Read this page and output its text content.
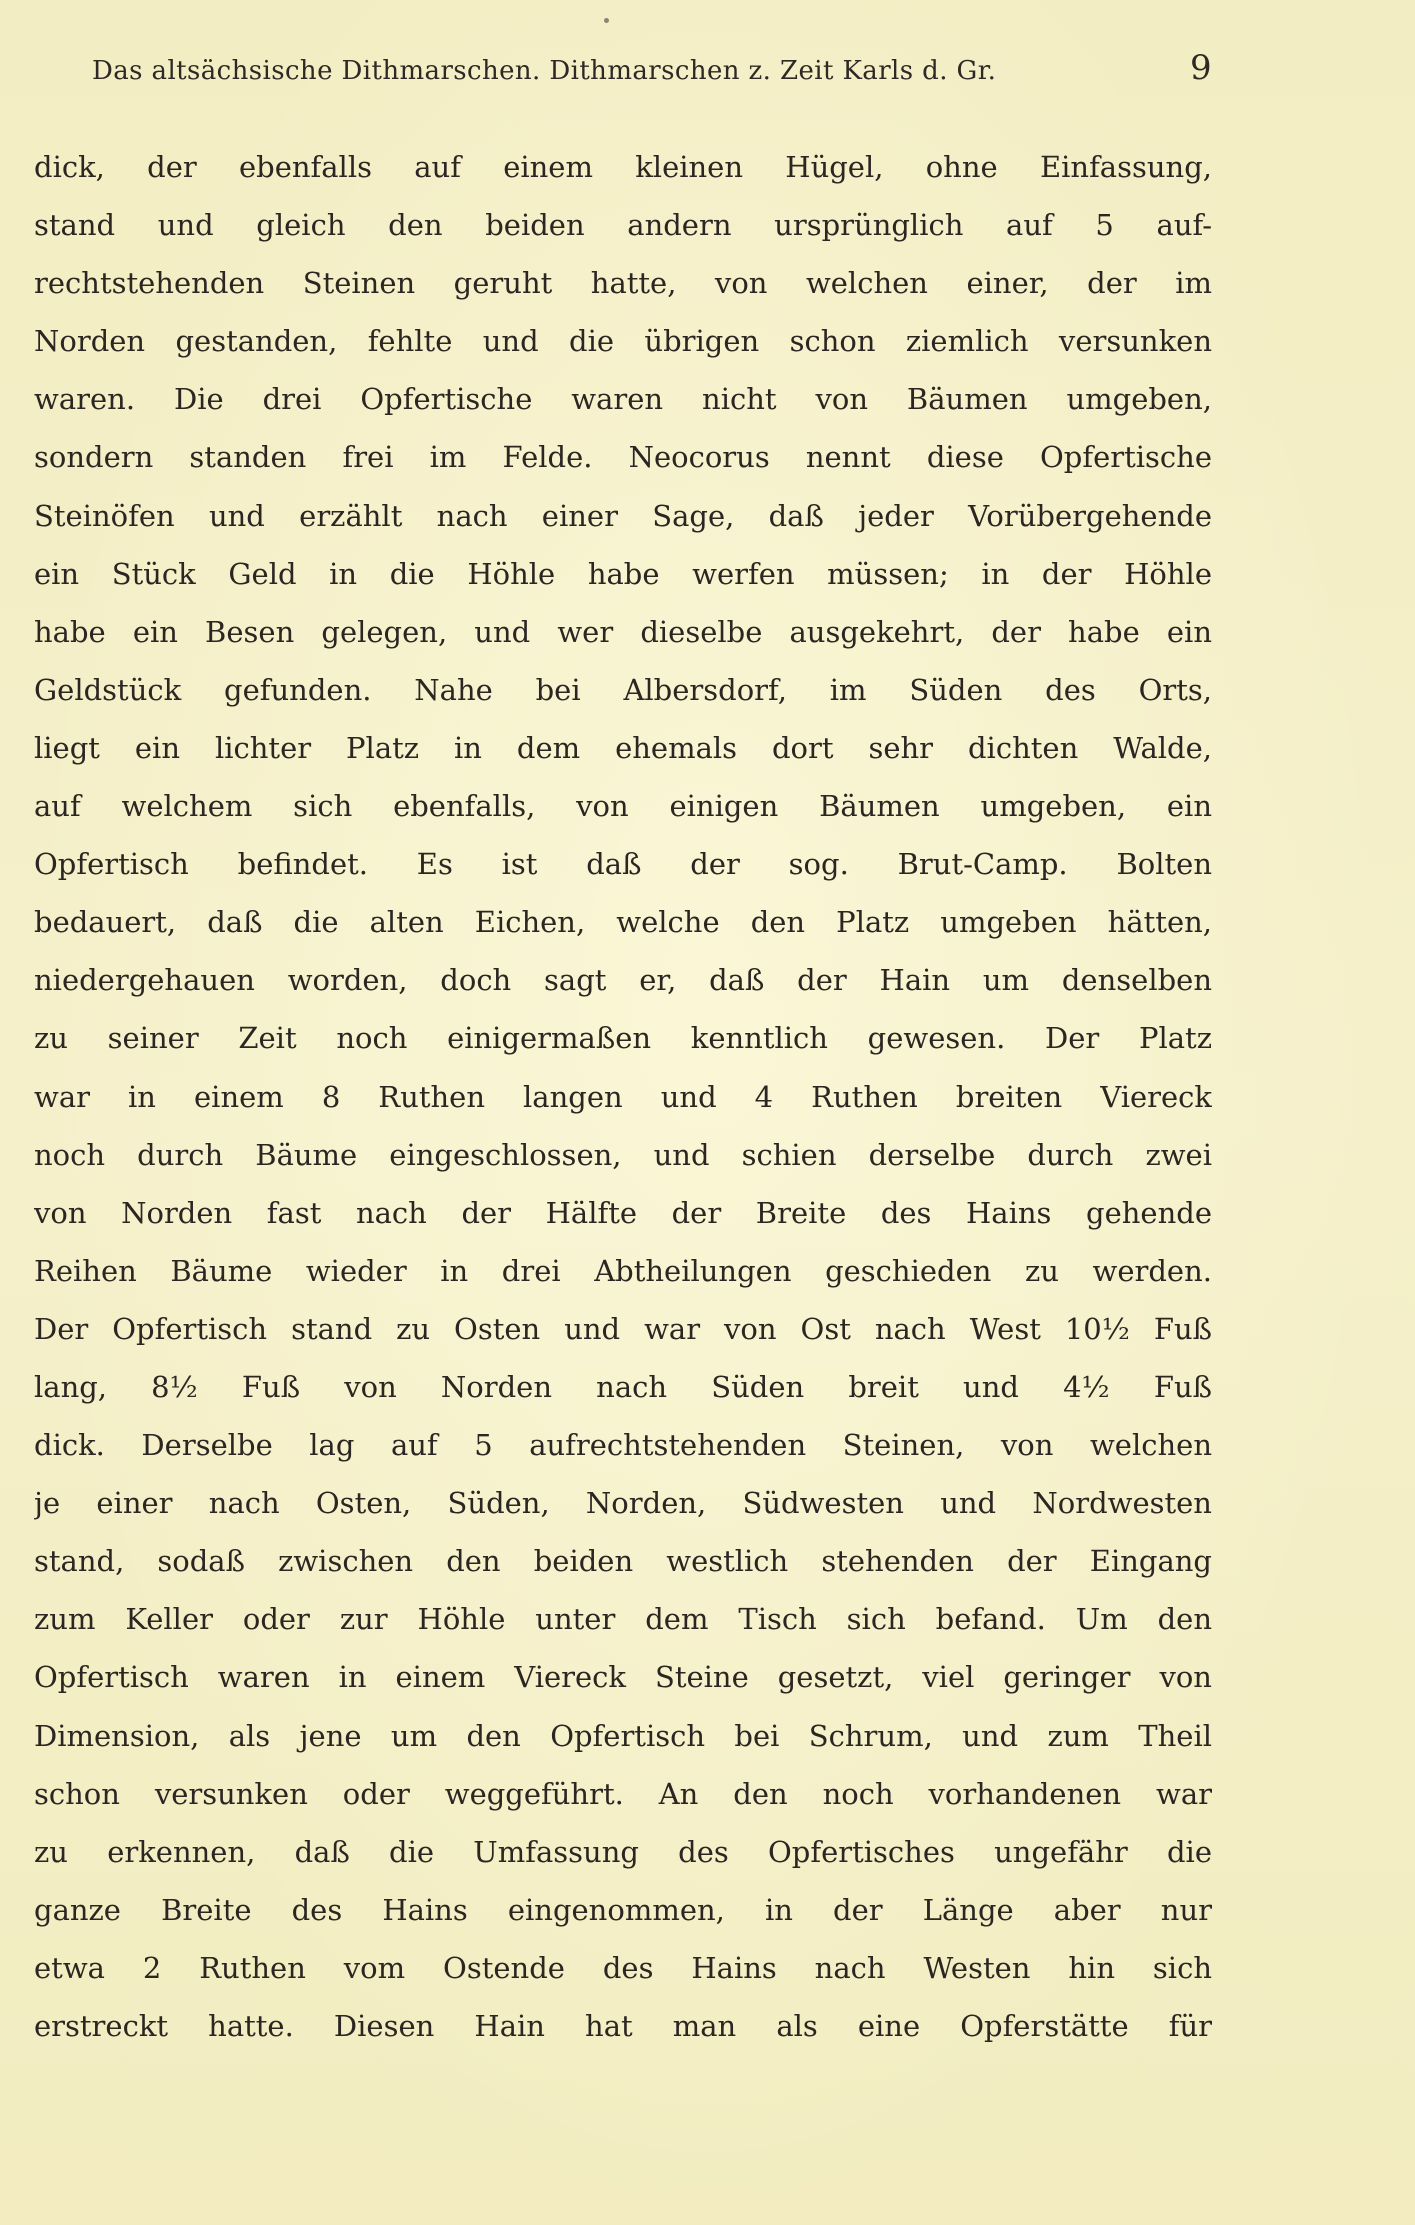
Das altsächsische Dithmarschen. Dithmarschen z. Zeit Karls d. Gr.	9
dick, der ebenfalls auf einem kleinen Hügel, ohne Einfassung,
stand und gleich den beiden andern ursprünglich auf 5 auf-
rechtstehenden Steinen geruht hatte, von welchen einer, der im
Norden gestanden, fehlte und die übrigen schon ziemlich versunken
waren. Die drei Opfertische waren nicht von Bäumen umgeben,
sondern standen frei im Felde. Neocorus nennt diese Opfertische
Steinöfen und erzählt nach einer Sage, daß jeder Vorübergehende
ein Stück Geld in die Höhle habe werfen müssen; in der Höhle
habe ein Besen gelegen, und wer dieselbe ausgekehrt, der habe ein
Geldstück gefunden. Nahe bei Albersdorf, im Süden des Orts,
liegt ein lichter Platz in dem ehemals dort sehr dichten Walde,
auf welchem sich ebenfalls, von einigen Bäumen umgeben, ein
Opfertisch befindet. Es ist daß der sog. Brut-Camp. Bolten
bedauert, daß die alten Eichen, welche den Platz umgeben hätten,
niedergehauen worden, doch sagt er, daß der Hain um denselben
zu seiner Zeit noch einigermaßen kenntlich gewesen. Der Platz
war in einem 8 Ruthen langen und 4 Ruthen breiten Viereck
noch durch Bäume eingeschlossen, und schien derselbe durch zwei
von Norden fast nach der Hälfte der Breite des Hains gehende
Reihen Bäume wieder in drei Abtheilungen geschieden zu werden.
Der Opfertisch stand zu Osten und war von Ost nach West 10½ Fuß
lang, 8½ Fuß von Norden nach Süden breit und 4½ Fuß
dick. Derselbe lag auf 5 aufrechtstehenden Steinen, von welchen
je einer nach Osten, Süden, Norden, Südwesten und Nordwesten
stand, sodaß zwischen den beiden westlich stehenden der Eingang
zum Keller oder zur Höhle unter dem Tisch sich befand. Um den
Opfertisch waren in einem Viereck Steine gesetzt, viel geringer von
Dimension, als jene um den Opfertisch bei Schrum, und zum Theil
schon versunken oder weggeführt. An den noch vorhandenen war
zu erkennen, daß die Umfassung des Opfertisches ungefähr die
ganze Breite des Hains eingenommen, in der Länge aber nur
etwa 2 Ruthen vom Ostende des Hains nach Westen hin sich
erstreckt hatte. Diesen Hain hat man als eine Opferstätte für
